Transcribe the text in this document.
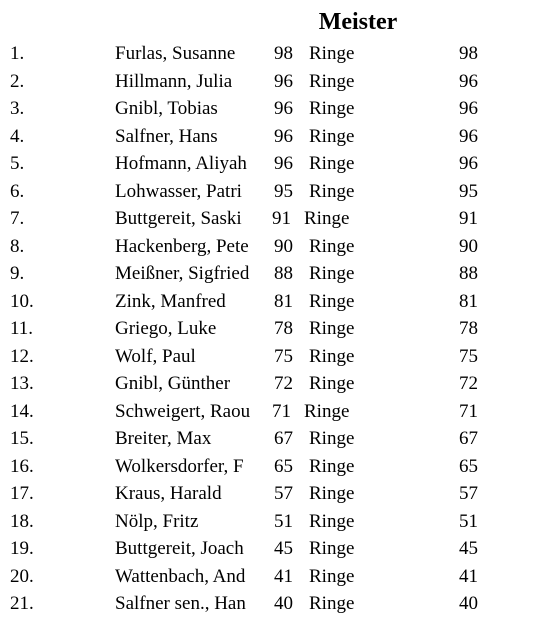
Meister
1.	Furlas, Susanne	98 Ringe	98
2.	Hillmann, Julia	96 Ringe	96
3.	Gnibl, Tobias	96 Ringe	96
4.	Salfner, Hans	96 Ringe	96
5.	Hofmann, Aliyah	96 Ringe	96
6.	Lohwasser, Patri	95 Ringe	95
7.	Buttgereit, Saski	91 Ringe	91
8.	Hackenberg, Pete	90 Ringe	90
9.	Meißner, Sigfried	88 Ringe	88
10.	Zink, Manfred	81 Ringe	81
11.	Griego, Luke	78 Ringe	78
12.	Wolf, Paul	75 Ringe	75
13.	Gnibl, Günther	72 Ringe	72
14.	Schweigert, Raou	71 Ringe	71
15.	Breiter, Max	67 Ringe	67
16.	Wolkersdorfer, F	65 Ringe	65
17.	Kraus, Harald	57 Ringe	57
18.	Nölp, Fritz	51 Ringe	51
19.	Buttgereit, Joach	45 Ringe	45
20.	Wattenbach, And	41 Ringe	41
21.	Salfner sen., Han	40 Ringe	40
